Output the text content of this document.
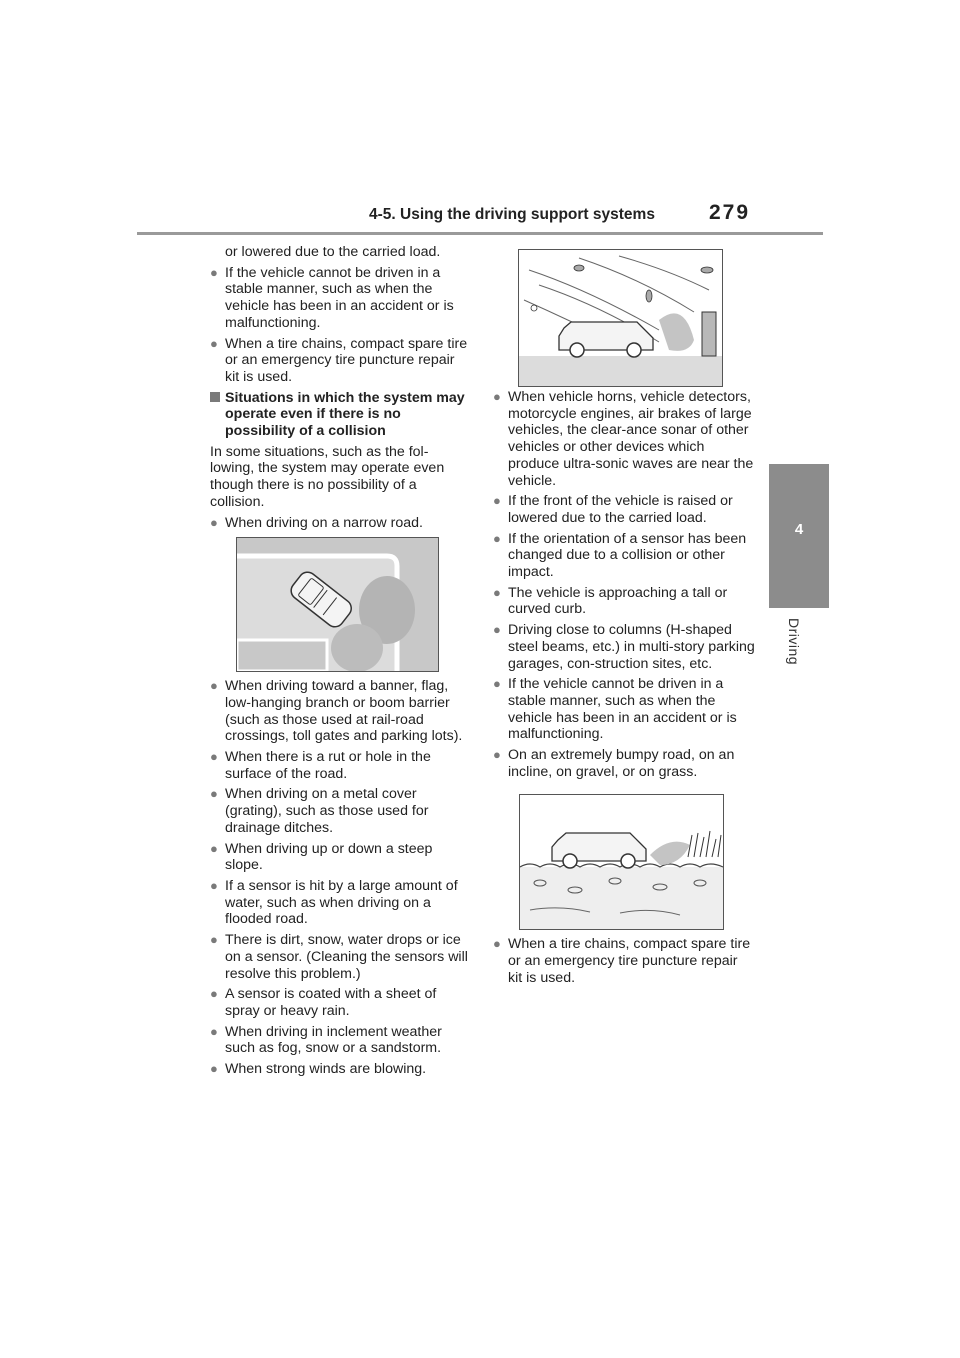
4-5. Using the driving support systems	279
4
Driving
or lowered due to the carried load.
● If the vehicle cannot be driven in a stable manner, such as when the vehicle has been in an accident or is malfunctioning.
● When a tire chains, compact spare tire or an emergency tire puncture repair kit is used.
Situations in which the system may operate even if there is no possibility of a collision
In some situations, such as the fol-lowing, the system may operate even though there is no possibility of a collision.
● When driving on a narrow road.
● When driving toward a banner, flag, low-hanging branch or boom barrier (such as those used at rail-road crossings, toll gates and parking lots).
● When there is a rut or hole in the surface of the road.
● When driving on a metal cover (grating), such as those used for drainage ditches.
● When driving up or down a steep slope.
● If a sensor is hit by a large amount of water, such as when driving on a flooded road.
● There is dirt, snow, water drops or ice on a sensor. (Cleaning the sensors will resolve this problem.)
● A sensor is coated with a sheet of spray or heavy rain.
● When driving in inclement weather such as fog, snow or a sandstorm.
● When strong winds are blowing.
● When vehicle horns, vehicle detectors, motorcycle engines, air brakes of large vehicles, the clear-ance sonar of other vehicles or other devices which produce ultra-sonic waves are near the vehicle.
● If the front of the vehicle is raised or lowered due to the carried load.
● If the orientation of a sensor has been changed due to a collision or other impact.
● The vehicle is approaching a tall or curved curb.
● Driving close to columns (H-shaped steel beams, etc.) in multi-story parking garages, con-struction sites, etc.
● If the vehicle cannot be driven in a stable manner, such as when the vehicle has been in an accident or is malfunctioning.
● On an extremely bumpy road, on an incline, on gravel, or on grass.
● When a tire chains, compact spare tire or an emergency tire puncture repair kit is used.
